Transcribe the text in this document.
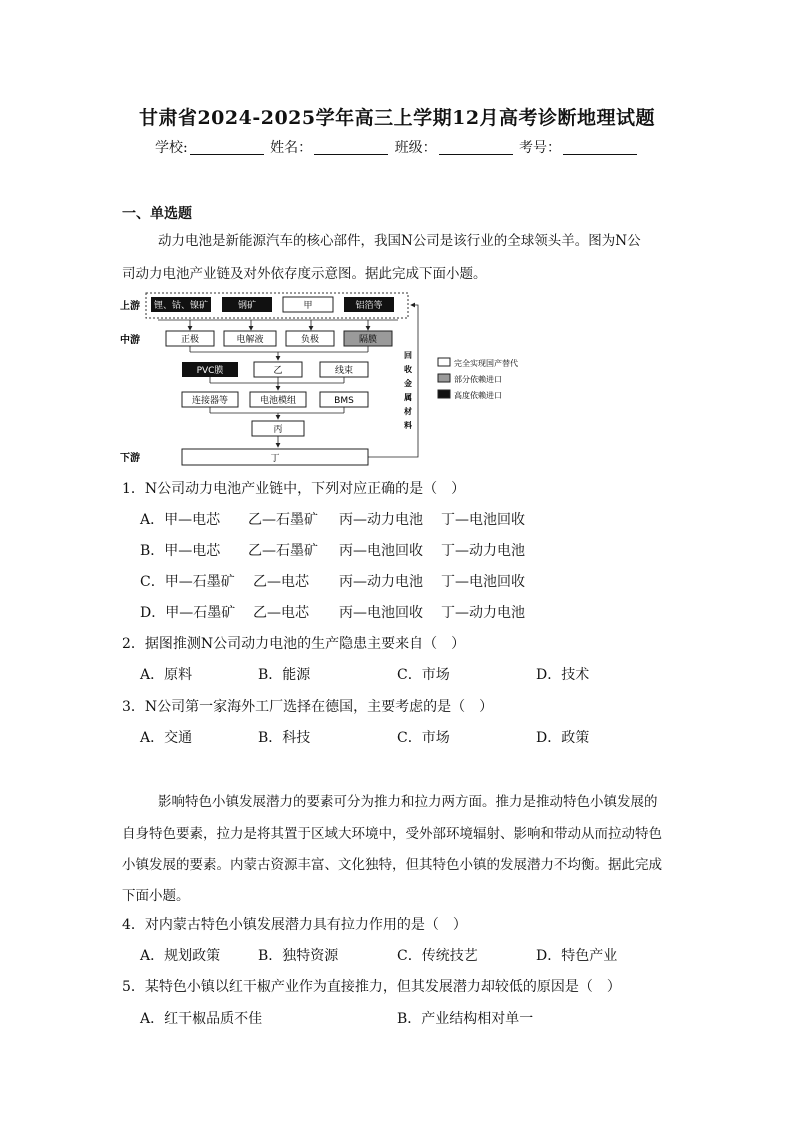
甘肃省2024-2025学年高三上学期12月高考诊断地理试题
学校:	姓名：	班级：	考号：
一、单选题
动力电池是新能源汽车的核心部件，我国N公司是该行业的全球领头羊。图为N公
司动力电池产业链及对外依存度示意图。据此完成下面小题。
上游
中游
下游
锂、钴、镍矿	钢矿	甲	铝箔等
正极	电解液	负极	隔膜
PVC膜	乙	线束
连接器等	电池模组	BMS
丙
丁
回
收
金
属
材
料
完全实现国产替代
部分依赖进口
高度依赖进口
1．N公司动力电池产业链中，下列对应正确的是（　）
A．甲—电芯 乙—石墨矿 丙—动力电池 丁—电池回收
B．甲—电芯 乙—石墨矿 丙—电池回收 丁—动力电池
C．甲—石墨矿 乙—电芯 丙—动力电池 丁—电池回收
D．甲—石墨矿 乙—电芯 丙—电池回收 丁—动力电池
2．据图推测N公司动力电池的生产隐患主要来自（　）
A．原料	B．能源	C．市场	D．技术
3．N公司第一家海外工厂选择在德国，主要考虑的是（　）
A．交通	B．科技	C．市场	D．政策
影响特色小镇发展潜力的要素可分为推力和拉力两方面。推力是推动特色小镇发展的
自身特色要素，拉力是将其置于区域大环境中，受外部环境辐射、影响和带动从而拉动特色
小镇发展的要素。内蒙古资源丰富、文化独特，但其特色小镇的发展潜力不均衡。据此完成
下面小题。
4．对内蒙古特色小镇发展潜力具有拉力作用的是（　）
A．规划政策	B．独特资源	C．传统技艺	D．特色产业
5．某特色小镇以红干椒产业作为直接推力，但其发展潜力却较低的原因是（　）
A．红干椒品质不佳	B．产业结构相对单一
